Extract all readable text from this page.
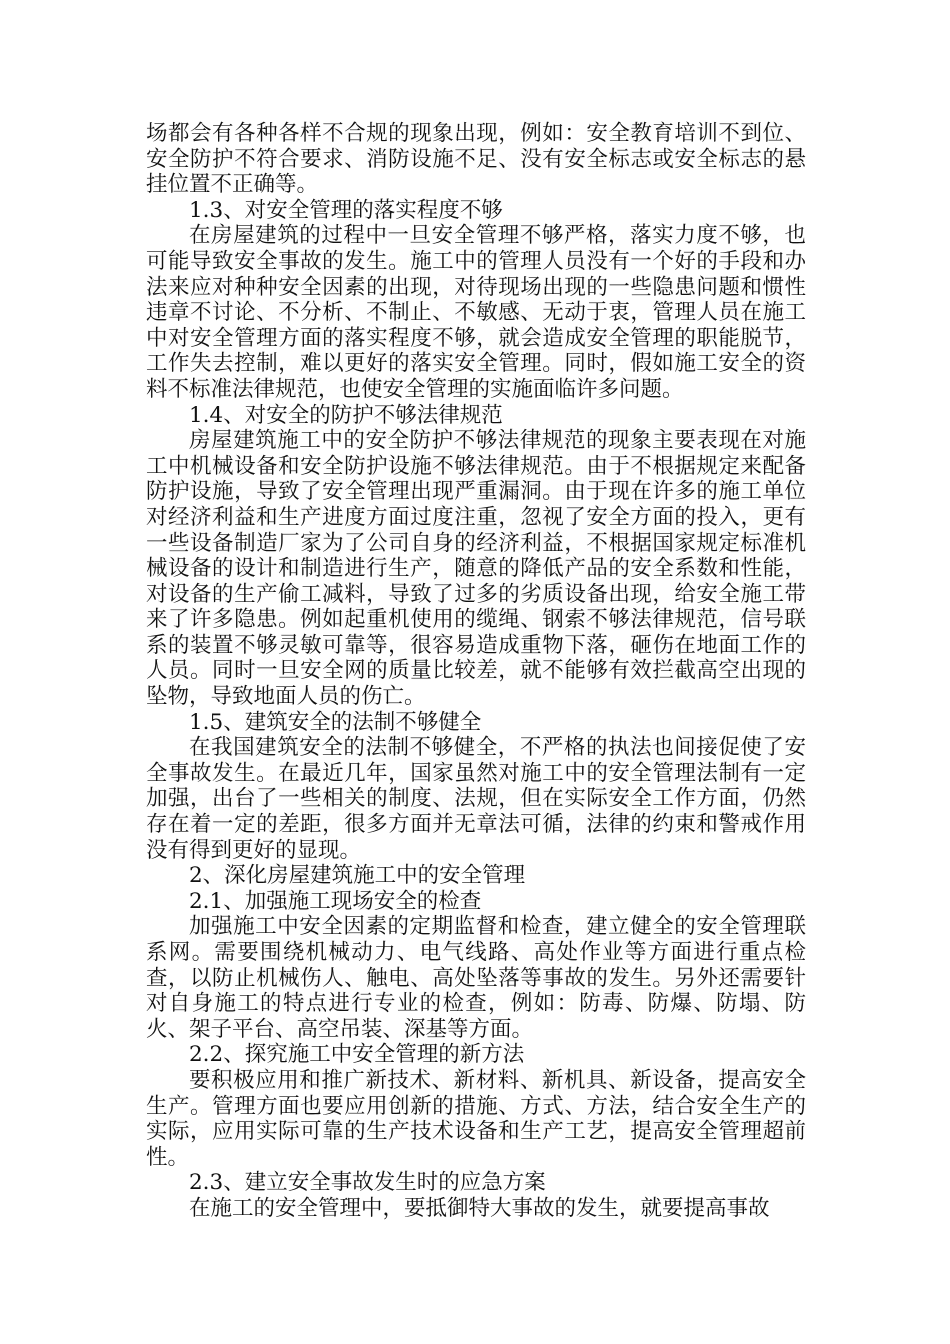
场都会有各种各样不合规的现象出现，例如：安全教育培训不到位、安全防护不符合要求、消防设施不足、没有安全标志或安全标志的悬挂位置不正确等。

1.3、对安全管理的落实程度不够

在房屋建筑的过程中一旦安全管理不够严格，落实力度不够，也可能导致安全事故的发生。施工中的管理人员没有一个好的手段和办法来应对种种安全因素的出现，对待现场出现的一些隐患问题和惯性违章不讨论、不分析、不制止、不敏感、无动于衷，管理人员在施工中对安全管理方面的落实程度不够，就会造成安全管理的职能脱节，工作失去控制，难以更好的落实安全管理。同时，假如施工安全的资料不标准法律规范，也使安全管理的实施面临许多问题。

1.4、对安全的防护不够法律规范

房屋建筑施工中的安全防护不够法律规范的现象主要表现在对施工中机械设备和安全防护设施不够法律规范。由于不根据规定来配备防护设施，导致了安全管理出现严重漏洞。由于现在许多的施工单位对经济利益和生产进度方面过度注重，忽视了安全方面的投入，更有一些设备制造厂家为了公司自身的经济利益，不根据国家规定标准机械设备的设计和制造进行生产，随意的降低产品的安全系数和性能，对设备的生产偷工减料，导致了过多的劣质设备出现，给安全施工带来了许多隐患。例如起重机使用的缆绳、钢索不够法律规范，信号联系的装置不够灵敏可靠等，很容易造成重物下落，砸伤在地面工作的人员。同时一旦安全网的质量比较差，就不能够有效拦截高空出现的坠物，导致地面人员的伤亡。

1.5、建筑安全的法制不够健全

在我国建筑安全的法制不够健全，不严格的执法也间接促使了安全事故发生。在最近几年，国家虽然对施工中的安全管理法制有一定加强，出台了一些相关的制度、法规，但在实际安全工作方面，仍然存在着一定的差距，很多方面并无章法可循，法律的约束和警戒作用没有得到更好的显现。

2、深化房屋建筑施工中的安全管理

2.1、加强施工现场安全的检查

加强施工中安全因素的定期监督和检查，建立健全的安全管理联系网。需要围绕机械动力、电气线路、高处作业等方面进行重点检查，以防止机械伤人、触电、高处坠落等事故的发生。另外还需要针对自身施工的特点进行专业的检查，例如：防毒、防爆、防塌、防火、架子平台、高空吊装、深基等方面。

2.2、探究施工中安全管理的新方法

要积极应用和推广新技术、新材料、新机具、新设备，提高安全生产。管理方面也要应用创新的措施、方式、方法，结合安全生产的实际，应用实际可靠的生产技术设备和生产工艺，提高安全管理超前性。

2.3、建立安全事故发生时的应急方案

在施工的安全管理中，要抵御特大事故的发生，就要提高事故
